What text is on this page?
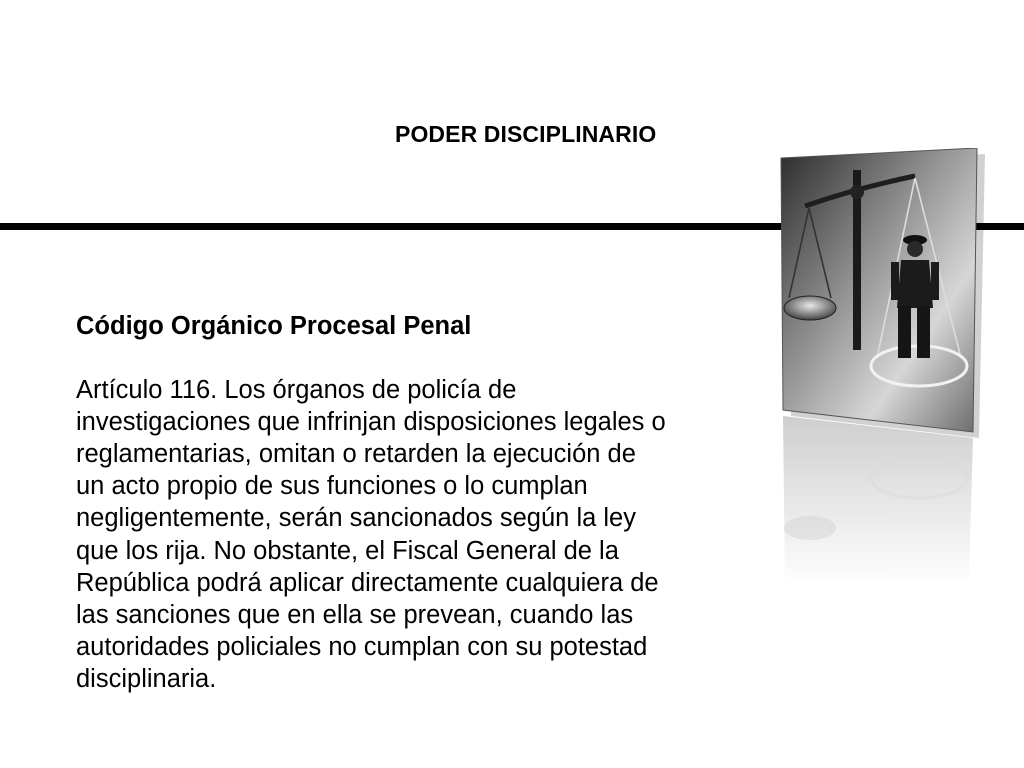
PODER DISCIPLINARIO
Código Orgánico Procesal Penal
Artículo 116. Los órganos de policía de
investigaciones que infrinjan disposiciones legales o
reglamentarias, omitan o retarden la ejecución de
un acto propio de sus funciones o lo cumplan
negligentemente, serán sancionados según la ley
que los rija. No obstante, el Fiscal General de la
República podrá aplicar directamente cualquiera de
las sanciones que en ella se prevean, cuando las
autoridades policiales no cumplan con su potestad
disciplinaria.
